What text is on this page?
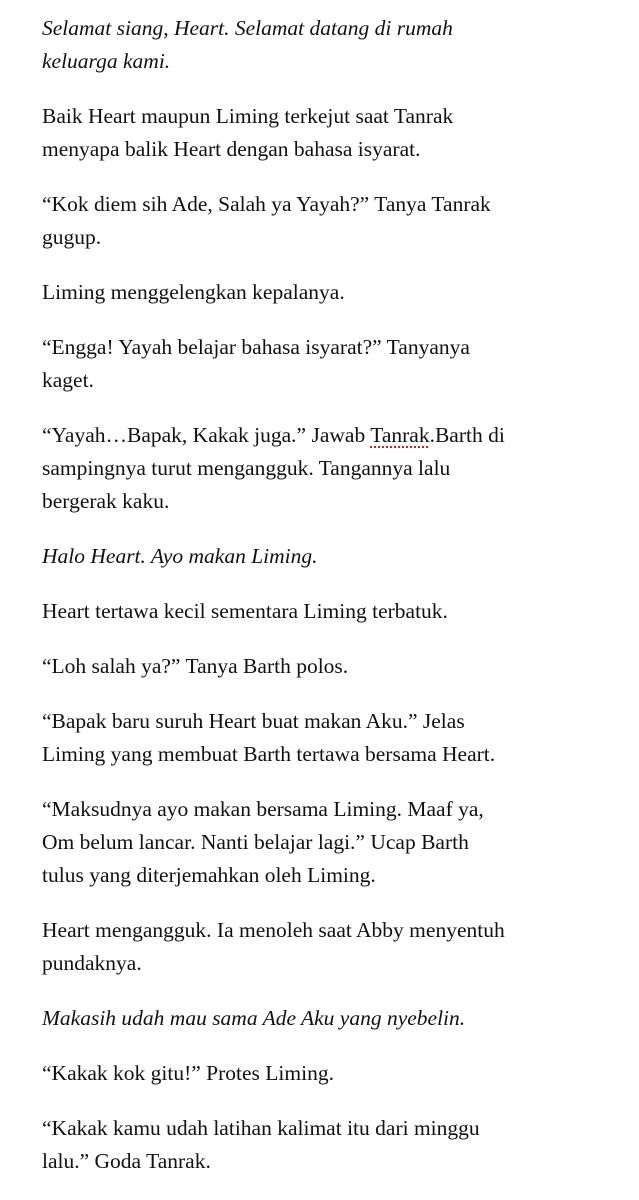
Selamat siang, Heart. Selamat datang di rumah
keluarga kami.

Baik Heart maupun Liming terkejut saat Tanrak
menyapa balik Heart dengan bahasa isyarat.

“Kok diem sih Ade, Salah ya Yayah?” Tanya Tanrak
gugup.

Liming menggelengkan kepalanya.

“Engga! Yayah belajar bahasa isyarat?” Tanyanya
kaget.

“Yayah…Bapak, Kakak juga.” Jawab Tanrak.Barth di
sampingnya turut mengangguk. Tangannya lalu
bergerak kaku.

Halo Heart. Ayo makan Liming.

Heart tertawa kecil sementara Liming terbatuk.

“Loh salah ya?” Tanya Barth polos.

“Bapak baru suruh Heart buat makan Aku.” Jelas
Liming yang membuat Barth tertawa bersama Heart.

“Maksudnya ayo makan bersama Liming. Maaf ya,
Om belum lancar. Nanti belajar lagi.” Ucap Barth
tulus yang diterjemahkan oleh Liming.

Heart mengangguk. Ia menoleh saat Abby menyentuh
pundaknya.

Makasih udah mau sama Ade Aku yang nyebelin.

“Kakak kok gitu!” Protes Liming.

“Kakak kamu udah latihan kalimat itu dari minggu
lalu.” Goda Tanrak.
